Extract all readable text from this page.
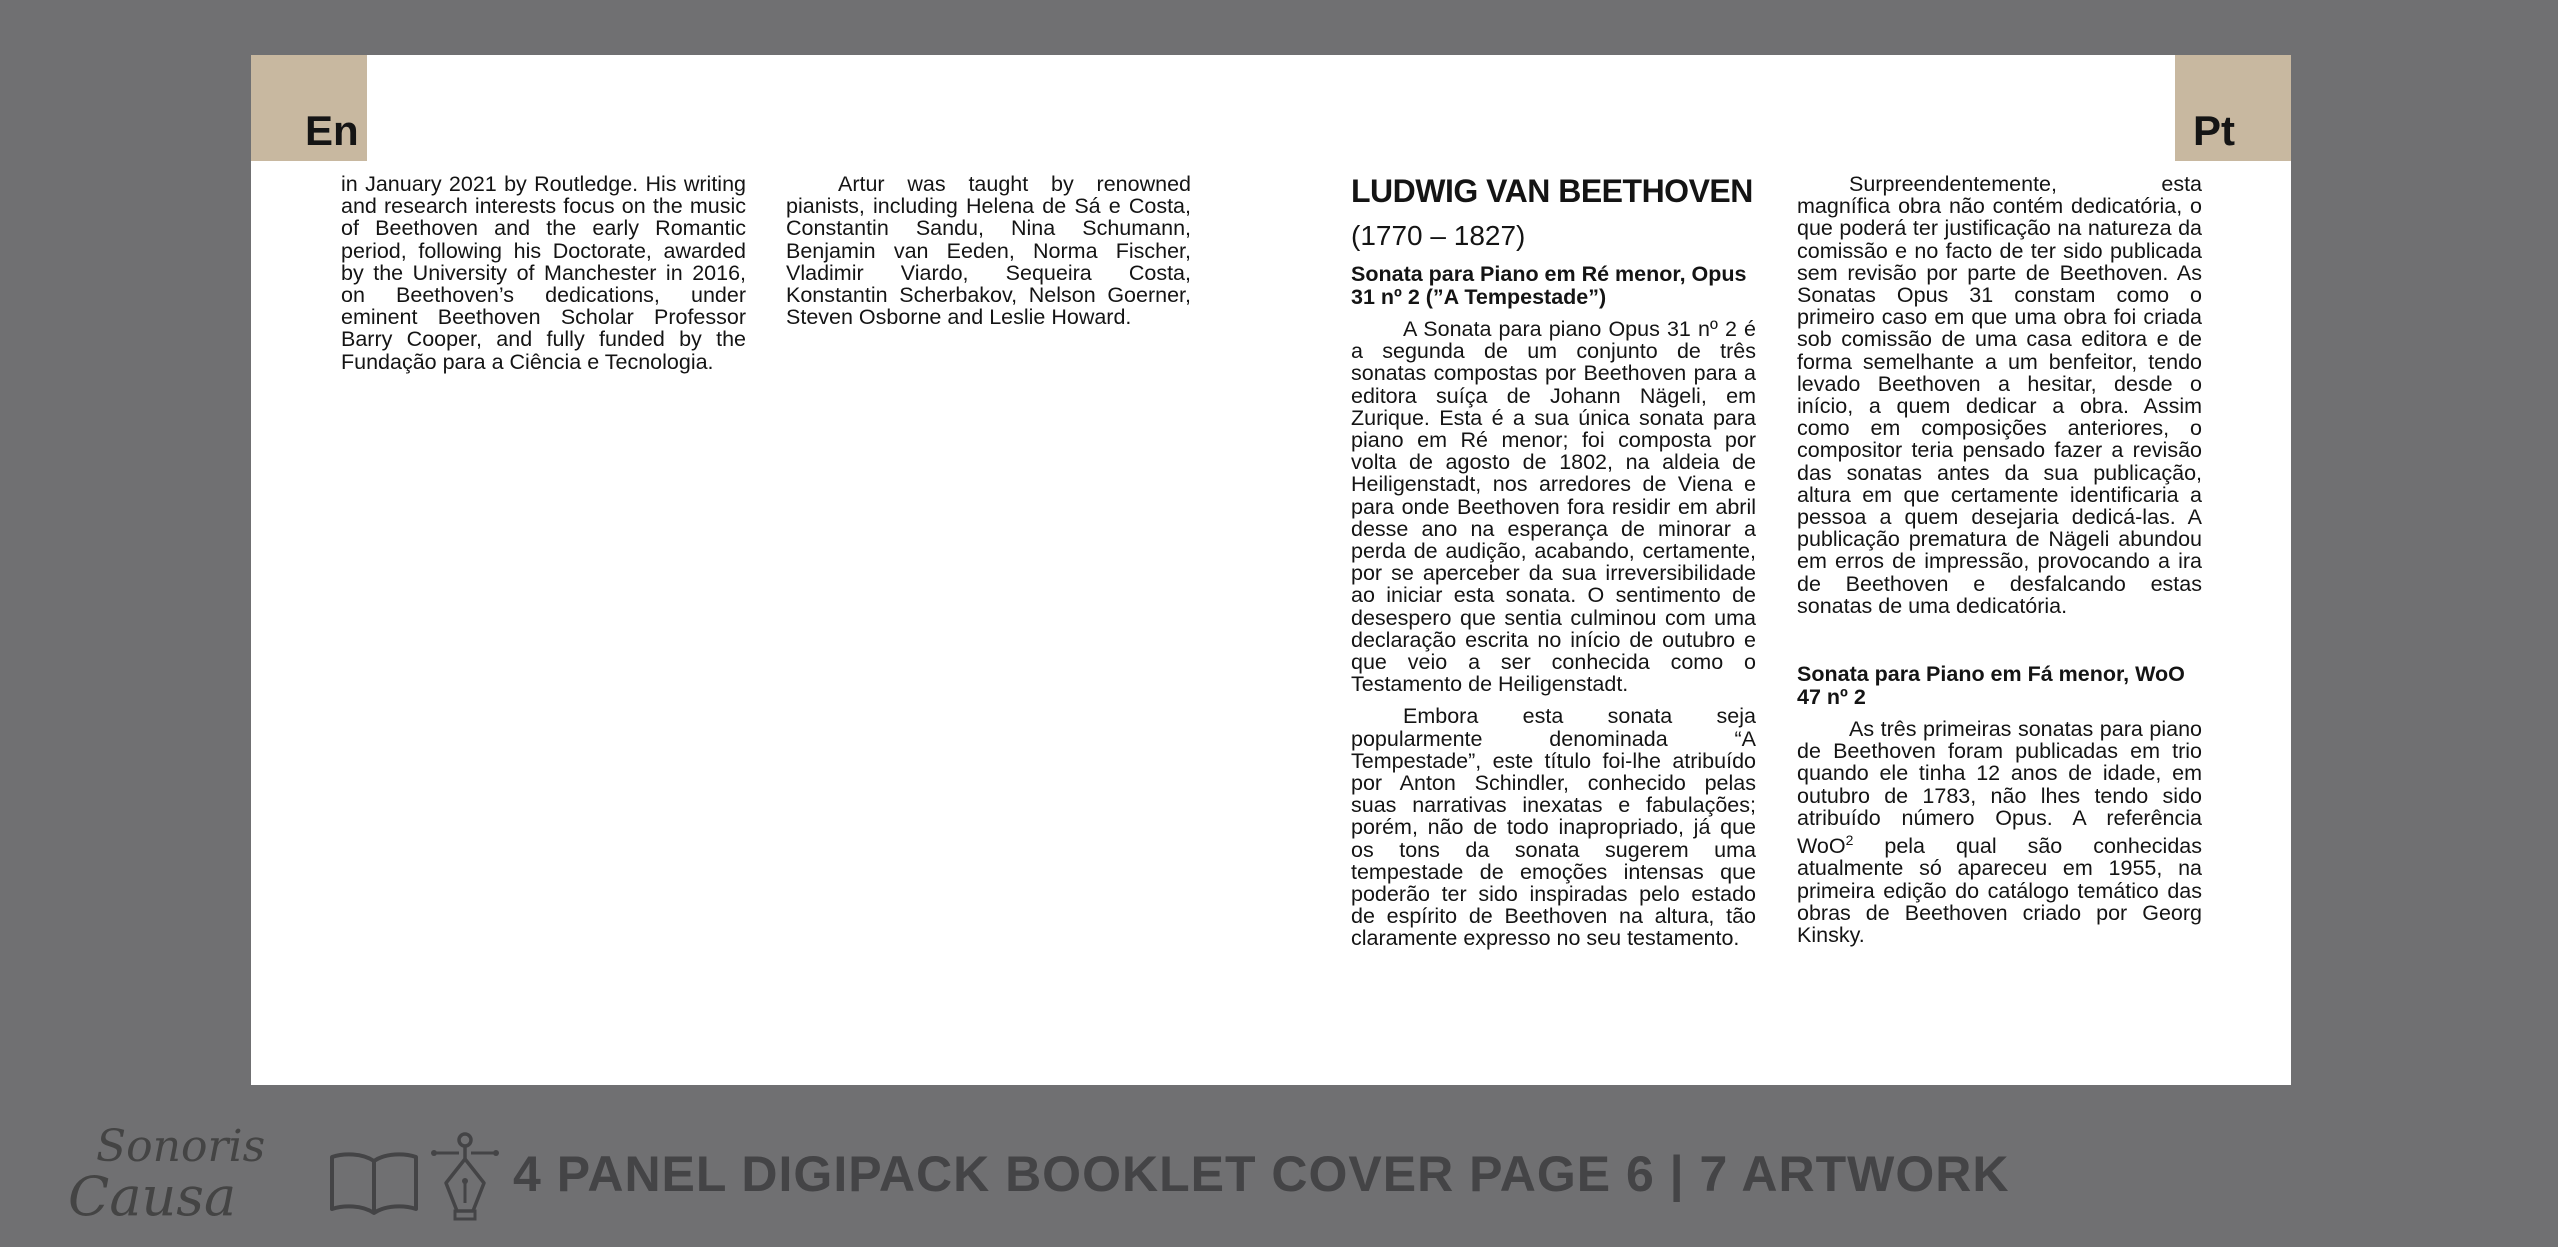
En	Pt

in January 2021 by Routledge. His writing and research interests focus on the music of Beethoven and the early Romantic period, following his Doctorate, awarded by the University of Manchester in 2016, on Beethoven’s dedications, under eminent Beethoven Scholar Professor Barry Cooper, and fully funded by the Fundação para a Ciência e Tecnologia.

Artur was taught by renowned pianists, including Helena de Sá e Costa, Constantin Sandu, Nina Schumann, Benjamin van Eeden, Norma Fischer, Vladimir Viardo, Sequeira Costa, Konstantin Scherbakov, Nelson Goerner, Steven Osborne and Leslie Howard.

LUDWIG VAN BEETHOVEN

(1770 – 1827)

Sonata para Piano em Ré menor, Opus 31 nº 2 (”A Tempestade”)

A Sonata para piano Opus 31 nº 2 é a segunda de um conjunto de três sonatas compostas por Beethoven para a editora suíça de Johann Nägeli, em Zurique. Esta é a sua única sonata para piano em Ré menor; foi composta por volta de agosto de 1802, na aldeia de Heiligenstadt, nos arredores de Viena e para onde Beethoven fora residir em abril desse ano na esperança de minorar a perda de audição, acabando, certamente, por se aperceber da sua irreversibilidade ao iniciar esta sonata. O sentimento de desespero que sentia culminou com uma declaração escrita no início de outubro e que veio a ser conhecida como o Testamento de Heiligenstadt.

Embora esta sonata seja popularmente denominada “A Tempestade”, este título foi-lhe atribuído por Anton Schindler, conhecido pelas suas narrativas inexatas e fabulações; porém, não de todo inapropriado, já que os tons da sonata sugerem uma tempestade de emoções intensas que poderão ter sido inspiradas pelo estado de espírito de Beethoven na altura, tão claramente expresso no seu testamento.

Surpreendentemente, esta magnífica obra não contém dedicatória, o que poderá ter justificação na natureza da comissão e no facto de ter sido publicada sem revisão por parte de Beethoven. As Sonatas Opus 31 constam como o primeiro caso em que uma obra foi criada sob comissão de uma casa editora e de forma semelhante a um benfeitor, tendo levado Beethoven a hesitar, desde o início, a quem dedicar a obra. Assim como em composições anteriores, o compositor teria pensado fazer a revisão das sonatas antes da sua publicação, altura em que certamente identificaria a pessoa a quem desejaria dedicá-las. A publicação prematura de Nägeli abundou em erros de impressão, provocando a ira de Beethoven e desfalcando estas sonatas de uma dedicatória.

Sonata para Piano em Fá menor, WoO 47 nº 2

As três primeiras sonatas para piano de Beethoven foram publicadas em trio quando ele tinha 12 anos de idade, em outubro de 1783, não lhes tendo sido atribuído número Opus. A referência WoO$^2$ pela qual são conhecidas atualmente só apareceu em 1955, na primeira edição do catálogo temático das obras de Beethoven criado por Georg Kinsky.

Sonoris
Causa	4 PANEL DIGIPACK BOOKLET COVER PAGE 6 | 7 ARTWORK
